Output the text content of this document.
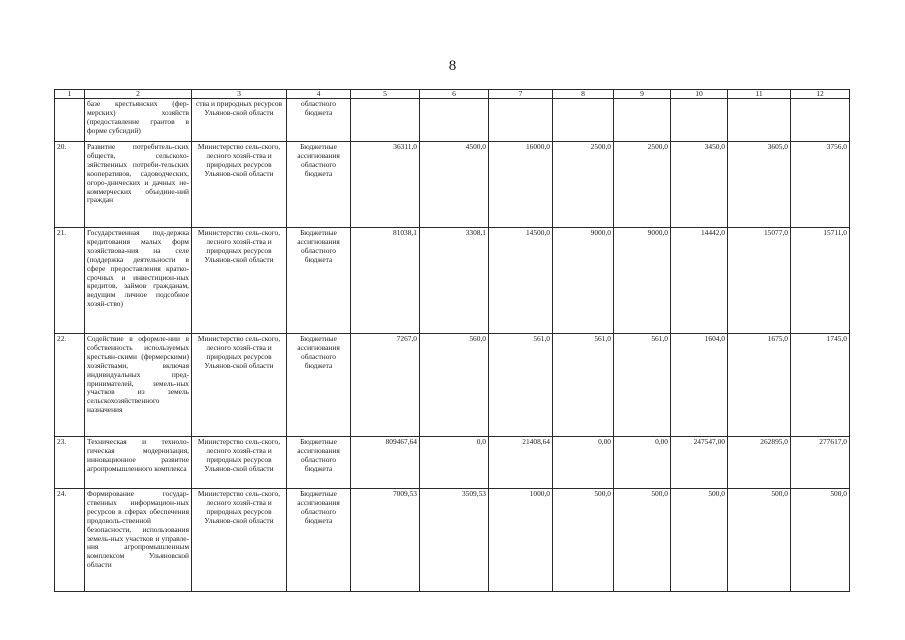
8
1	2	3	4	5	6	7	8	9	10	11	12
	базе крестьянских (фер-мерских) хозяйств (предоставление грантов в форме субсидий)	ства и природных ресурсов Ульянов-ской области	областного бюджета								
20.	Развитие потребитель-ских обществ, сельскохо-зяйственных потреби-тельских кооперативов, садоводческих, огоро-днических и дачных не-коммерческих объедине-ний граждан	Министерство сель-ского, лесного хозяй-ства и природных ресурсов Ульянов-ской области	Бюджетные ассигнования областного бюджета	36311,0	4500,0	16000,0	2500,0	2500,0	3450,0	3605,0	3756,0
21.	Государственная под-держка кредитования малых форм хозяйствова-ния на селе (поддержка деятельности в сфере предоставления кратко-срочных и инвестицион-ных кредитов, займов гражданам, ведущим личное подсобное хозяй-ство)	Министерство сель-ского, лесного хозяй-ства и природных ресурсов Ульянов-ской области	Бюджетные ассигнования областного бюджета	81038,1	3308,1	14500,0	9000,0	9000,0	14442,0	15077,0	15711,0
22.	Содействие в оформле-нии в собственность используемых крестьян-скими (фермерскими) хозяйствами, включая индивидуальных пред-принимателей, земель-ных участков из земель сельскохозяйственного назначения	Министерство сель-ского, лесного хозяй-ства и природных ресурсов Ульянов-ской области	Бюджетные ассигнования областного бюджета	7267,0	560,0	561,0	561,0	561,0	1604,0	1675,0	1745,0
23.	Техническая и техноло-гическая модернизация, инновационное развитие агропромышленного комплекса	Министерство сель-ского, лесного хозяй-ства и природных ресурсов Ульянов-ской области	Бюджетные ассигнования областного бюджета	809467,64	0,0	21408,64	0,00	0,00	247547,00	262895,0	277617,0
24.	Формирование государ-ственных информацион-ных ресурсов в сферах обеспечения продоволь-ственной безопасности, использования земель-ных участков и управле-ния агропромышленным комплексом Ульяновской области	Министерство сель-ского, лесного хозяй-ства и природных ресурсов Ульянов-ской области	Бюджетные ассигнования областного бюджета	7009,53	3509,53	1000,0	500,0	500,0	500,0	500,0	500,0
